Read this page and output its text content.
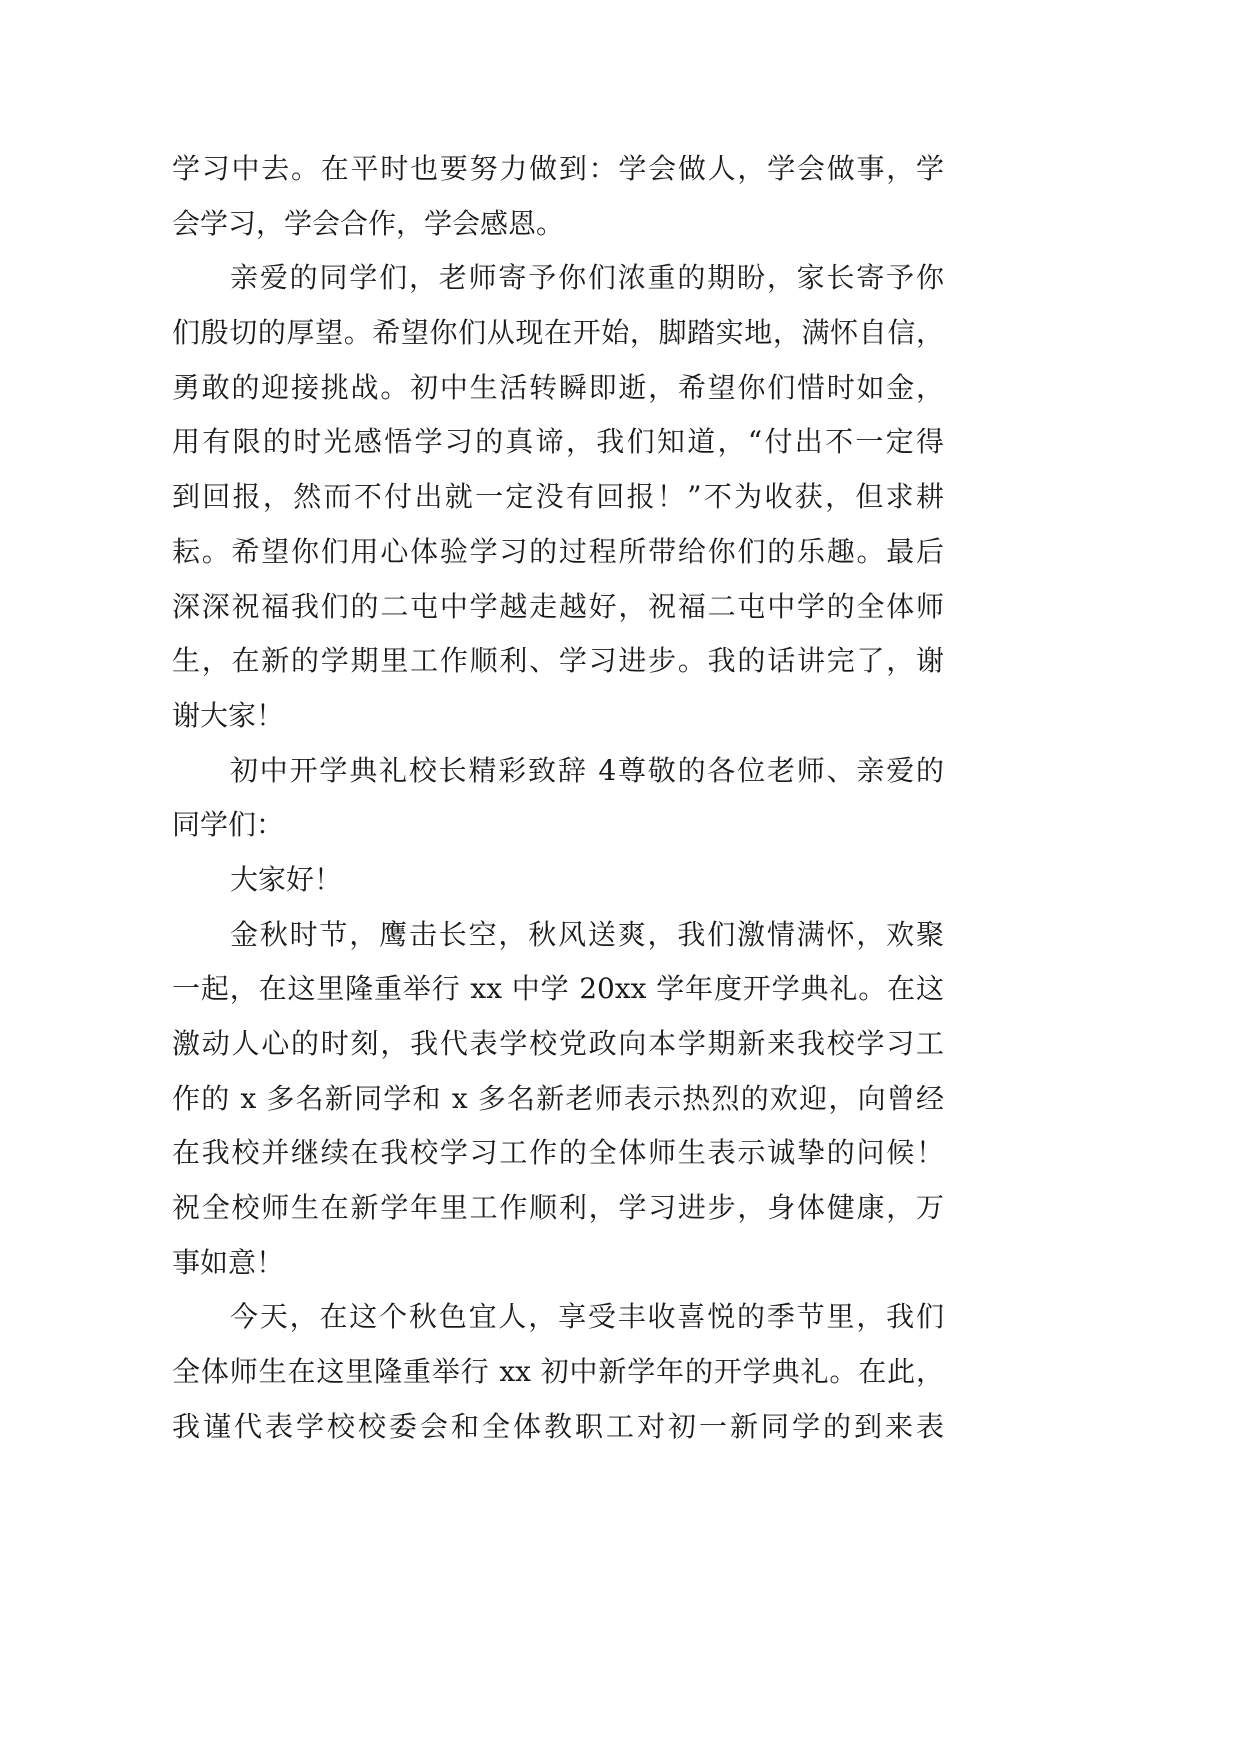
学习中去。在平时也要努力做到：学会做人，学会做事，学
会学习，学会合作，学会感恩。
亲爱的同学们，老师寄予你们浓重的期盼，家长寄予你
们殷切的厚望。希望你们从现在开始，脚踏实地，满怀自信，
勇敢的迎接挑战。初中生活转瞬即逝，希望你们惜时如金，
用有限的时光感悟学习的真谛，我们知道，“付出不一定得
到回报，然而不付出就一定没有回报！”不为收获，但求耕
耘。希望你们用心体验学习的过程所带给你们的乐趣。最后
深深祝福我们的二屯中学越走越好，祝福二屯中学的全体师
生，在新的学期里工作顺利、学习进步。我的话讲完了，谢
谢大家！
初中开学典礼校长精彩致辞 4尊敬的各位老师、亲爱的
同学们：
大家好！
金秋时节，鹰击长空，秋风送爽，我们激情满怀，欢聚
一起，在这里隆重举行 xx 中学 20xx 学年度开学典礼。在这
激动人心的时刻，我代表学校党政向本学期新来我校学习工
作的 x 多名新同学和 x 多名新老师表示热烈的欢迎，向曾经
在我校并继续在我校学习工作的全体师生表示诚挚的问候！
祝全校师生在新学年里工作顺利，学习进步，身体健康，万
事如意！
今天，在这个秋色宜人，享受丰收喜悦的季节里，我们
全体师生在这里隆重举行 xx 初中新学年的开学典礼。在此，
我谨代表学校校委会和全体教职工对初一新同学的到来表
